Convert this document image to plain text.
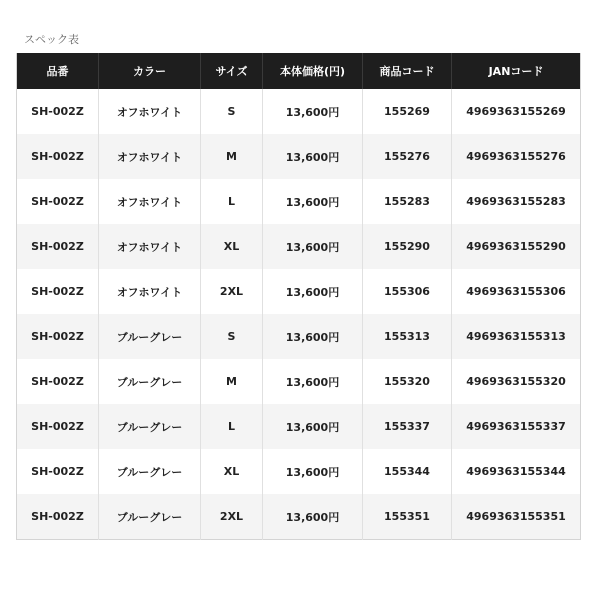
スペック表
品番	カラー	サイズ	本体価格(円)	商品コード	JANコード
SH-002Z	オフホワイト	S	13,600円	155269	4969363155269
SH-002Z	オフホワイト	M	13,600円	155276	4969363155276
SH-002Z	オフホワイト	L	13,600円	155283	4969363155283
SH-002Z	オフホワイト	XL	13,600円	155290	4969363155290
SH-002Z	オフホワイト	2XL	13,600円	155306	4969363155306
SH-002Z	ブルーグレー	S	13,600円	155313	4969363155313
SH-002Z	ブルーグレー	M	13,600円	155320	4969363155320
SH-002Z	ブルーグレー	L	13,600円	155337	4969363155337
SH-002Z	ブルーグレー	XL	13,600円	155344	4969363155344
SH-002Z	ブルーグレー	2XL	13,600円	155351	4969363155351
